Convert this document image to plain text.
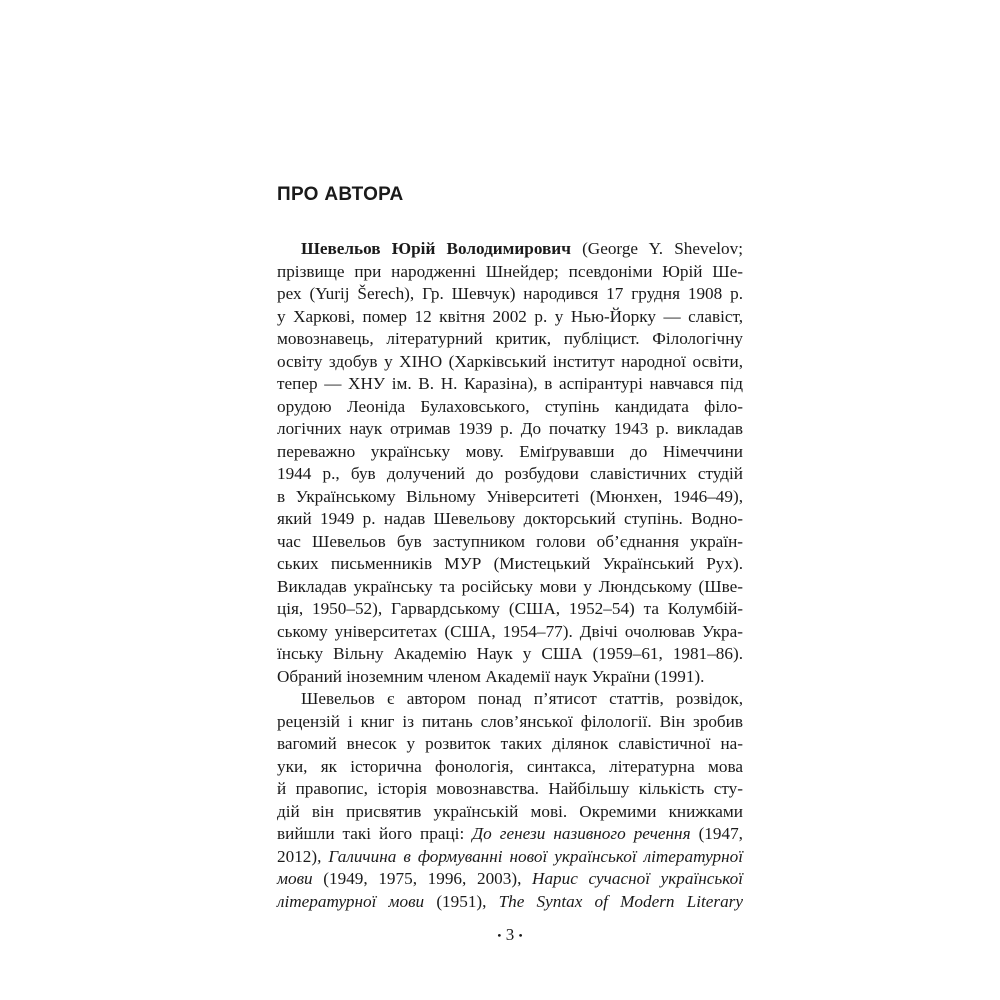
ПРО АВТОРА
Шевельов Юрій Володимирович (George Y. Shevelov;
прізвище при народженні Шнейдер; псевдоніми Юрій Ше-
рех (Yurij Šerech), Гр. Шевчук) народився 17 грудня 1908 р.
у Харкові, помер 12 квітня 2002 р. у Нью-Йорку — славіст,
мовознавець, літературний критик, публіцист. Філологічну
освіту здобув у ХІНО (Харківський інститут народної освіти,
тепер — ХНУ ім. В. Н. Каразіна), в аспірантурі навчався під
орудою Леоніда Булаховського, ступінь кандидата філо-
логічних наук отримав 1939 р. До початку 1943 р. викладав
переважно українську мову. Еміґрувавши до Німеччини
1944 р., був долучений до розбудови славістичних студій
в Українському Вільному Університеті (Мюнхен, 1946–49),
який 1949 р. надав Шевельову докторський ступінь. Водно-
час Шевельов був заступником голови об’єднання україн-
ських письменників МУР (Мистецький Український Рух).
Викладав українську та російську мови у Люндському (Шве-
ція, 1950–52), Гарвардському (США, 1952–54) та Колумбій-
ському університетах (США, 1954–77). Двічі очолював Укра-
їнську Вільну Академію Наук у США (1959–61, 1981–86).
Обраний іноземним членом Академії наук України (1991).
Шевельов є автором понад п’ятисот статтів, розвідок,
рецензій і книг із питань слов’янської філології. Він зробив
вагомий внесок у розвиток таких ділянок славістичної на-
уки, як історична фонологія, синтакса, літературна мова
й правопис, історія мовознавства. Найбільшу кількість сту-
дій він присвятив українській мові. Окремими книжками
вийшли такі його праці: До генези називного речення (1947,
2012), Галичина в формуванні нової української літературної
мови (1949, 1975, 1996, 2003), Нарис сучасної української
літературної мови (1951), The Syntax of Modern Literary
• 3 •
